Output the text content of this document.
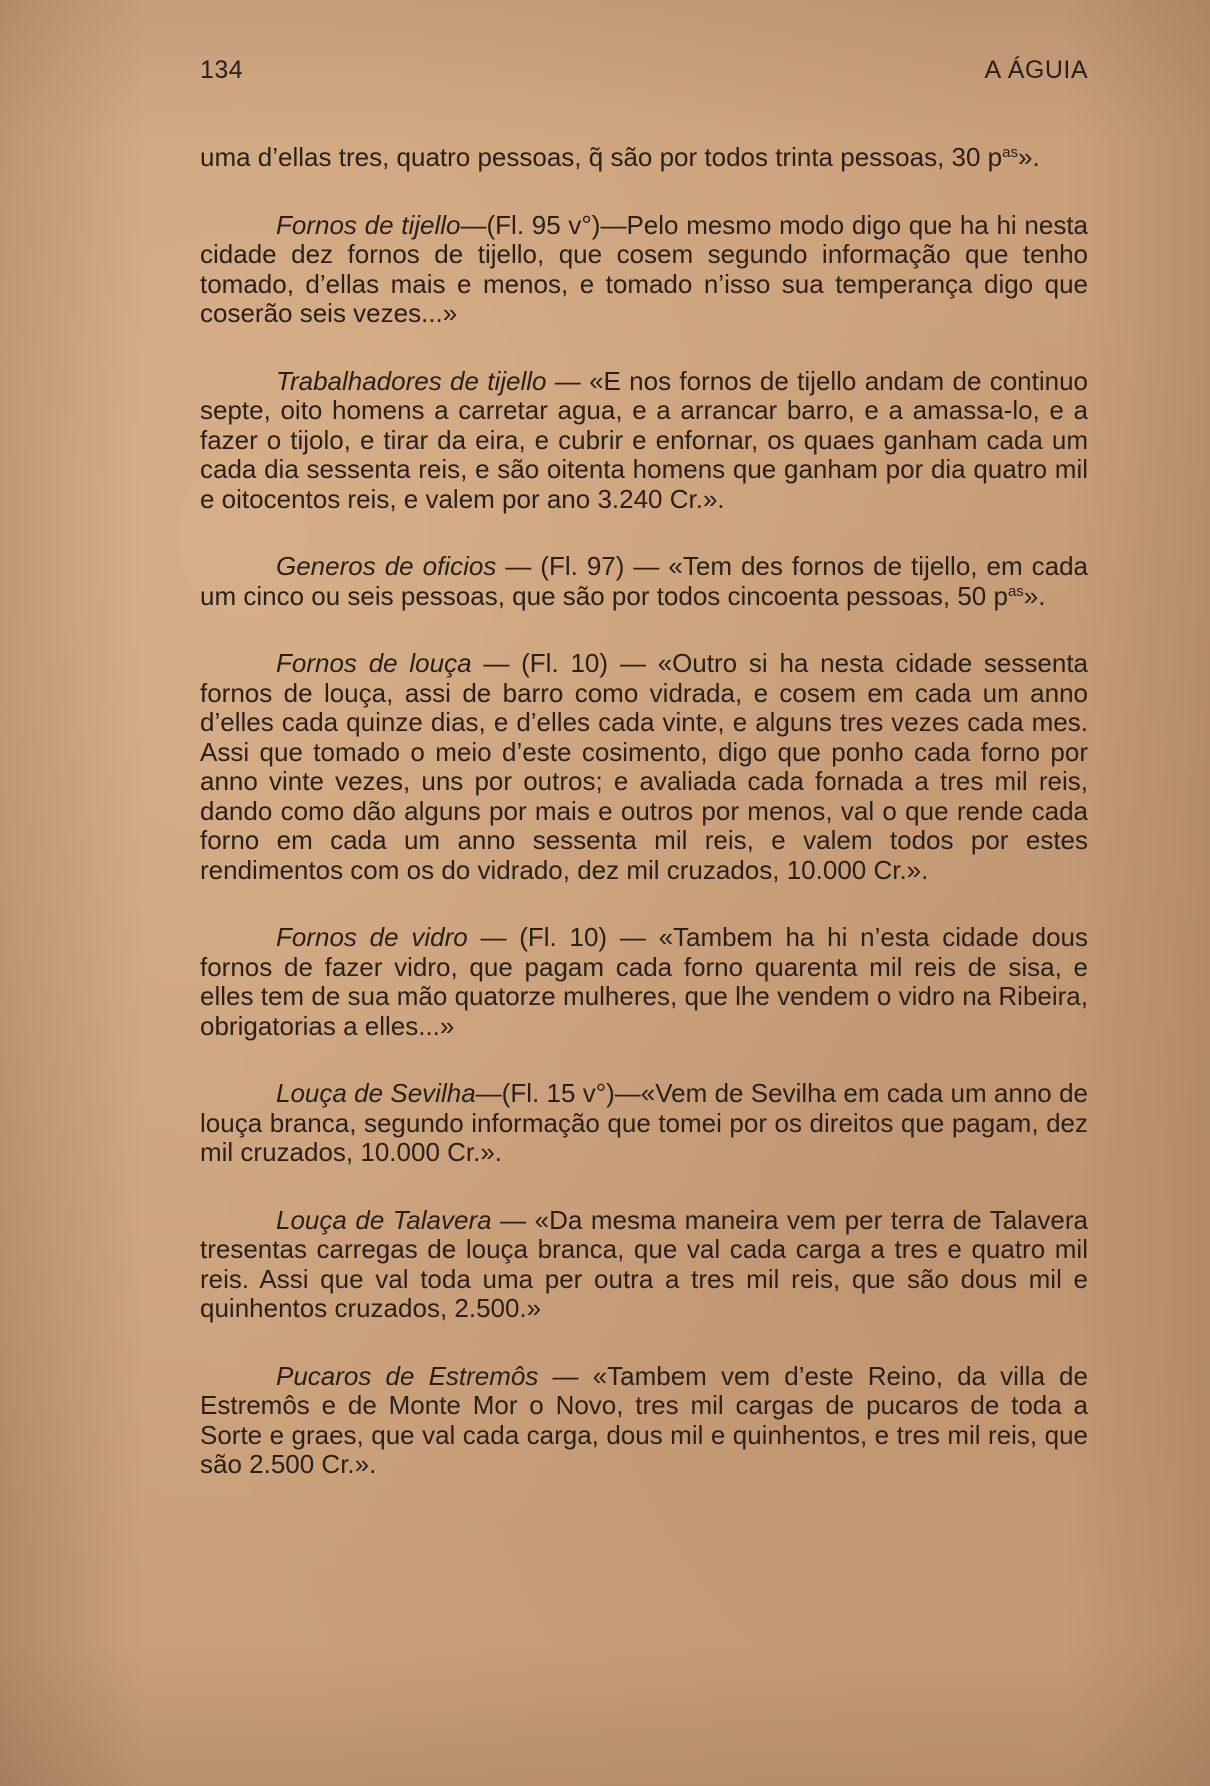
134	A ÁGUIA

uma d’ellas tres, quatro pessoas, q̃ são por todos trinta pessoas, 30 $p^{as}$».

Fornos de tijello—(Fl. 95 v°)—Pelo mesmo modo digo que ha hi nesta cidade dez fornos de tijello, que cosem segundo informação que tenho tomado, d’ellas mais e menos, e tomado n’isso sua temperança digo que coserão seis vezes...»

Trabalhadores de tijello — «E nos fornos de tijello andam de continuo septe, oito homens a carretar agua, e a arrancar barro, e a amassa-lo, e a fazer o tijolo, e tirar da eira, e cubrir e enfornar, os quaes ganham cada um cada dia sessenta reis, e são oitenta homens que ganham por dia quatro mil e oitocentos reis, e valem por ano 3.240 Cr.».

Generos de oficios — (Fl. 97) — «Tem des fornos de tijello, em cada um cinco ou seis pessoas, que são por todos cincoenta pessoas, 50 $p^{as}$».

Fornos de louça — (Fl. 10) — «Outro si ha nesta cidade sessenta fornos de louça, assi de barro como vidrada, e cosem em cada um anno d’elles cada quinze dias, e d’elles cada vinte, e alguns tres vezes cada mes. Assi que tomado o meio d’este cosimento, digo que ponho cada forno por anno vinte vezes, uns por outros; e avaliada cada fornada a tres mil reis, dando como dão alguns por mais e outros por menos, val o que rende cada forno em cada um anno sessenta mil reis, e valem todos por estes rendimentos com os do vidrado, dez mil cruzados, 10.000 Cr.».

Fornos de vidro — (Fl. 10) — «Tambem ha hi n’esta cidade dous fornos de fazer vidro, que pagam cada forno quarenta mil reis de sisa, e elles tem de sua mão quatorze mulheres, que lhe vendem o vidro na Ribeira, obrigatorias a elles...»

Louça de Sevilha—(Fl. 15 v°)—«Vem de Sevilha em cada um anno de louça branca, segundo informação que tomei por os direitos que pagam, dez mil cruzados, 10.000 Cr.».

Louça de Talavera — «Da mesma maneira vem per terra de Talavera tresentas carregas de louça branca, que val cada carga a tres e quatro mil reis. Assi que val toda uma per outra a tres mil reis, que são dous mil e quinhentos cruzados, 2.500.»

Pucaros de Estremôs — «Tambem vem d’este Reino, da villa de Estremôs e de Monte Mor o Novo, tres mil cargas de pucaros de toda a Sorte e graes, que val cada carga, dous mil e quinhentos, e tres mil reis, que são 2.500 Cr.».
